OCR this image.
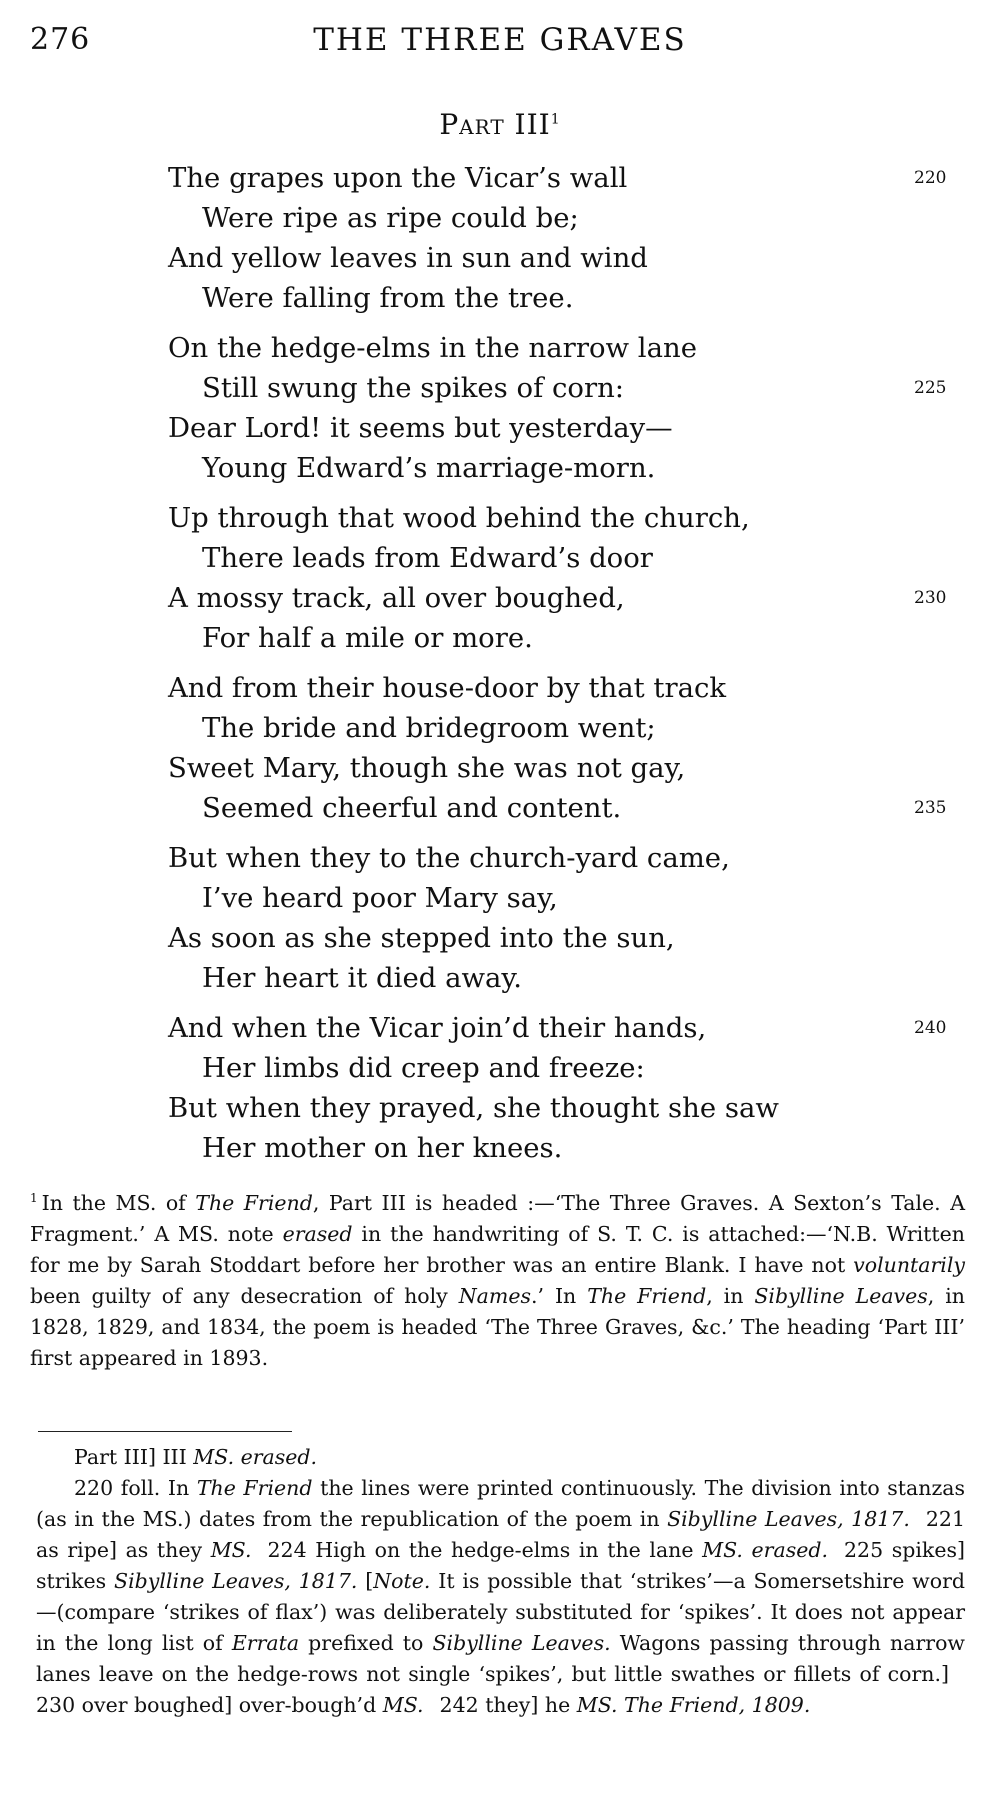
276	THE THREE GRAVES
Part III$^1$
The grapes upon the Vicar’s wall	220
Were ripe as ripe could be;
And yellow leaves in sun and wind
Were falling from the tree.
On the hedge-elms in the narrow lane
Still swung the spikes of corn:	225
Dear Lord! it seems but yesterday—
Young Edward’s marriage-morn.
Up through that wood behind the church,
There leads from Edward’s door
A mossy track, all over boughed,	230
For half a mile or more.
And from their house-door by that track
The bride and bridegroom went;
Sweet Mary, though she was not gay,
Seemed cheerful and content.	235
But when they to the church-yard came,
I’ve heard poor Mary say,
As soon as she stepped into the sun,
Her heart it died away.
And when the Vicar join’d their hands,	240
Her limbs did creep and freeze:
But when they prayed, she thought she saw
Her mother on her knees.
$^1$ In the MS. of The Friend, Part III is headed :—‘The Three Graves. A Sexton’s Tale. A Fragment.’ A MS. note erased in the handwriting of S. T. C. is attached:—‘N.B. Written for me by Sarah Stoddart before her brother was an entire Blank. I have not voluntarily been guilty of any desecration of holy Names.’ In The Friend, in Sibylline Leaves, in 1828, 1829, and 1834, the poem is headed ‘The Three Graves, &c.’ The heading ‘Part III’ first appeared in 1893.

Part III] III MS. erased.

220 foll. In The Friend the lines were printed continuously. The division into stanzas (as in the MS.) dates from the republication of the poem in Sibylline Leaves, 1817. 221 as ripe] as they MS. 224 High on the hedge-elms in the lane MS. erased. 225 spikes] strikes Sibylline Leaves, 1817. [Note. It is possible that ‘strikes’—a Somersetshire word—(compare ‘strikes of flax’) was deliberately substituted for ‘spikes’. It does not appear in the long list of Errata prefixed to Sibylline Leaves. Wagons passing through narrow lanes leave on the hedge-rows not single ‘spikes’, but little swathes or fillets of corn.]230 over boughed] over-bough’d MS. 242 they] he MS. The Friend, 1809.
